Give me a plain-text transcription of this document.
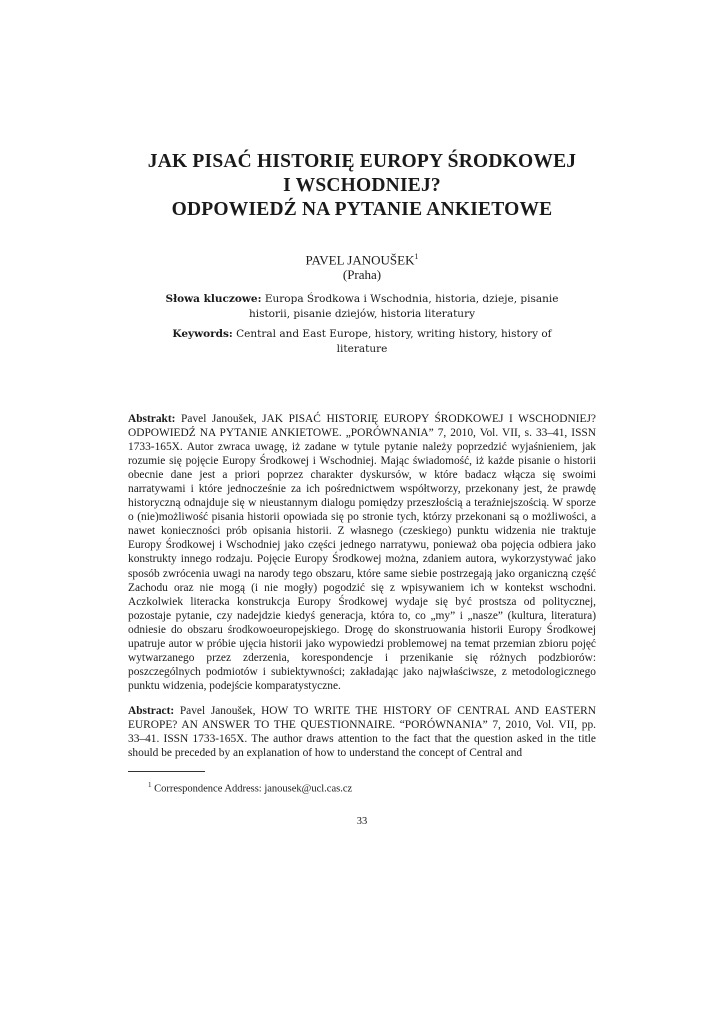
JAK PISAĆ HISTORIĘ EUROPY ŚRODKOWEJ
I WSCHODNIEJ?
ODPOWIEDŹ NA PYTANIE ANKIETOWE
PAVEL JANOUŠEK$^1$
(Praha)
Słowa kluczowe: Europa Środkowa i Wschodnia, historia, dzieje, pisanie historii, pisanie dziejów, historia literatury
Keywords: Central and East Europe, history, writing history, history of literature

Abstrakt: Pavel Janoušek, JAK PISAĆ HISTORIĘ EUROPY ŚRODKOWEJ I WSCHODNIEJ? ODPOWIEDŹ NA PYTANIE ANKIETOWE. „PORÓWNANIA” 7, 2010, Vol. VII, s. 33–41, ISSN 1733-165X. Autor zwraca uwagę, iż zadane w tytule pytanie należy poprzedzić wyjaśnieniem, jak rozumie się pojęcie Europy Środkowej i Wschodniej. Mając świadomość, iż każde pisanie o historii obecnie dane jest a priori poprzez charakter dyskursów, w które badacz włącza się swoimi narratywami i które jednocześnie za ich pośrednictwem współtworzy, przekonany jest, że prawdę historyczną odnajduje się w nieustannym dialogu pomiędzy przeszłością a teraźniejszością. W sporze o (nie)możliwość pisania historii opowiada się po stronie tych, którzy przekonani są o możliwości, a nawet konieczności prób opisania historii. Z własnego (czeskiego) punktu widzenia nie traktuje Europy Środkowej i Wschodniej jako części jednego narratywu, ponieważ oba pojęcia odbiera jako konstrukty innego rodzaju. Pojęcie Europy Środkowej można, zdaniem autora, wykorzystywać jako sposób zwrócenia uwagi na narody tego obszaru, które same siebie postrzegają jako organiczną część Zachodu oraz nie mogą (i nie mogły) pogodzić się z wpisywaniem ich w kontekst wschodni. Aczkolwiek literacka konstrukcja Europy Środkowej wydaje się być prostsza od politycznej, pozostaje pytanie, czy nadejdzie kiedyś generacja, która to, co „my” i „nasze” (kultura, literatura) odniesie do obszaru środkowoeuropejskiego. Drogę do skonstruowania historii Europy Środkowej upatruje autor w próbie ujęcia historii jako wypowiedzi problemowej na temat przemian zbioru pojęć wytwarzanego przez zderzenia, korespondencje i przenikanie się różnych podzbiorów: poszczególnych podmiotów i subiektywności; zakładając jako najwłaściwsze, z metodologicznego punktu widzenia, podejście komparatystyczne.

Abstract: Pavel Janoušek, HOW TO WRITE THE HISTORY OF CENTRAL AND EASTERN EUROPE? AN ANSWER TO THE QUESTIONNAIRE. “PORÓWNANIA” 7, 2010, Vol. VII, pp. 33–41. ISSN 1733-165X. The author draws attention to the fact that the question asked in the title should be preceded by an explanation of how to understand the concept of Central and

$^1$ Correspondence Address: janousek@ucl.cas.cz
33
